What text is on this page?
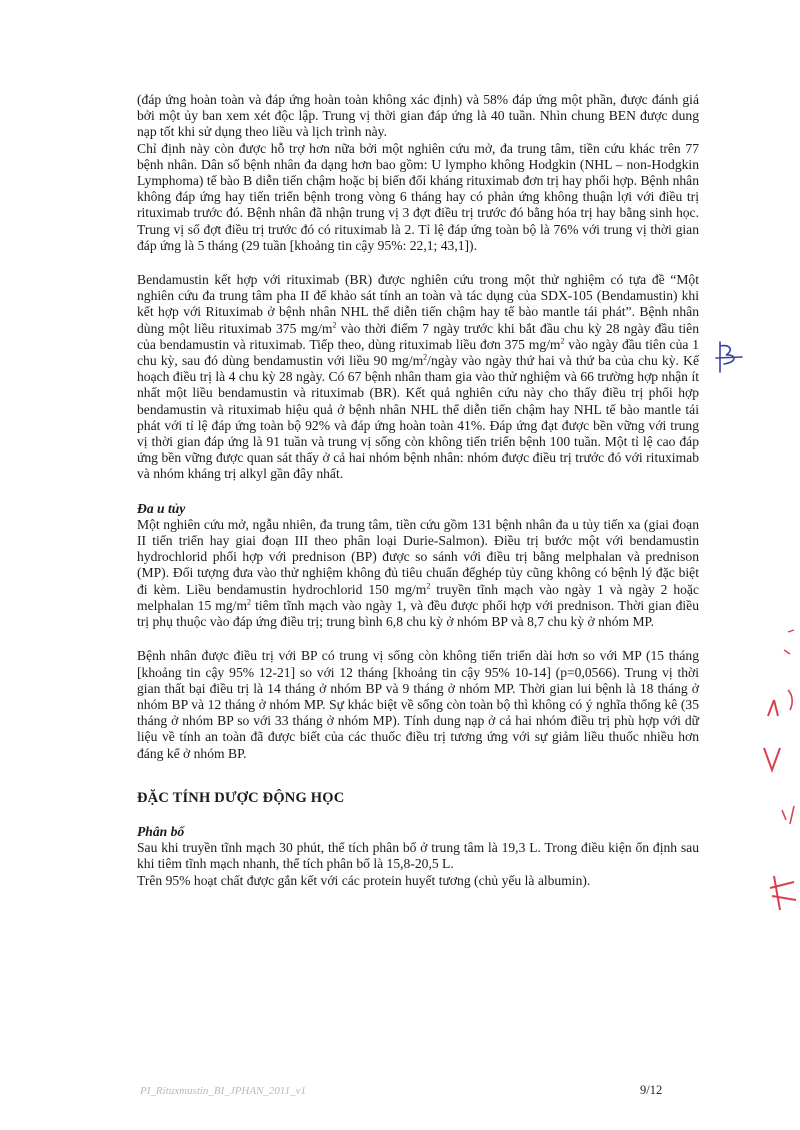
(đáp ứng hoàn toàn và đáp ứng hoàn toàn không xác định) và 58% đáp ứng một phần, được đánh giá bởi một ủy ban xem xét độc lập. Trung vị thời gian đáp ứng là 40 tuần. Nhìn chung BEN được dung nạp tốt khi sử dụng theo liều và lịch trình này.

Chỉ định này còn được hỗ trợ hơn nữa bởi một nghiên cứu mở, đa trung tâm, tiền cứu khác trên 77 bệnh nhân. Dân số bệnh nhân đa dạng hơn bao gồm: U lympho không Hodgkin (NHL – non-Hodgkin Lymphoma) tế bào B diễn tiến chậm hoặc bị biến đổi kháng rituximab đơn trị hay phối hợp. Bệnh nhân không đáp ứng hay tiến triển bệnh trong vòng 6 tháng hay có phản ứng không thuận lợi với điều trị rituximab trước đó. Bệnh nhân đã nhận trung vị 3 đợt điều trị trước đó bằng hóa trị hay bằng sinh học. Trung vị số đợt điều trị trước đó có rituximab là 2. Tỉ lệ đáp ứng toàn bộ là 76% với trung vị thời gian đáp ứng là 5 tháng (29 tuần [khoảng tin cậy 95%: 22,1; 43,1]).

Bendamustin kết hợp với rituximab (BR) được nghiên cứu trong một thử nghiệm có tựa đề “Một nghiên cứu đa trung tâm pha II để khảo sát tính an toàn và tác dụng của SDX-105 (Bendamustin) khi kết hợp với Rituximab ở bệnh nhân NHL thể diễn tiến chậm hay tế bào mantle tái phát”. Bệnh nhân dùng một liều rituximab 375 $mg/m^2$ vào thời điểm 7 ngày trước khi bắt đầu chu kỳ 28 ngày đầu tiên của bendamustin và rituximab. Tiếp theo, dùng rituximab liều đơn 375 $mg/m^2$ vào ngày đầu tiên của 1 chu kỳ, sau đó dùng bendamustin với liều 90 $mg/m^2$/ngày vào ngày thứ hai và thứ ba của chu kỳ. Kế hoạch điều trị là 4 chu kỳ 28 ngày. Có 67 bệnh nhân tham gia vào thử nghiệm và 66 trường hợp nhận ít nhất một liều bendamustin và rituximab (BR). Kết quả nghiên cứu này cho thấy điều trị phối hợp bendamustin và rituximab hiệu quả ở bệnh nhân NHL thể diễn tiến chậm hay NHL tế bào mantle tái phát với tỉ lệ đáp ứng toàn bộ 92% và đáp ứng hoàn toàn 41%. Đáp ứng đạt được bền vững với trung vị thời gian đáp ứng là 91 tuần và trung vị sống còn không tiến triển bệnh 100 tuần. Một tỉ lệ cao đáp ứng bền vững được quan sát thấy ở cả hai nhóm bệnh nhân: nhóm được điều trị trước đó với rituximab và nhóm kháng trị alkyl gần đây nhất.

Đa u tủy

Một nghiên cứu mở, ngẫu nhiên, đa trung tâm, tiền cứu gồm 131 bệnh nhân đa u tủy tiến xa (giai đoạn II tiến triển hay giai đoạn III theo phân loại Durie-Salmon). Điều trị bước một với bendamustin hydrochlorid phối hợp với prednison (BP) được so sánh với điều trị bằng melphalan và prednison (MP). Đối tượng đưa vào thử nghiệm không đủ tiêu chuẩn đểghép tủy cũng không có bệnh lý đặc biệt đi kèm. Liều bendamustin hydrochlorid 150 $mg/m^2$ truyền tĩnh mạch vào ngày 1 và ngày 2 hoặc melphalan 15 $mg/m^2$ tiêm tĩnh mạch vào ngày 1, và đều được phối hợp với prednison. Thời gian điều trị phụ thuộc vào đáp ứng điều trị; trung bình 6,8 chu kỳ ở nhóm BP và 8,7 chu kỳ ở nhóm MP.

Bệnh nhân được điều trị với BP có trung vị sống còn không tiến triển dài hơn so với MP (15 tháng [khoảng tin cậy 95% 12-21] so với 12 tháng [khoảng tin cậy 95% 10-14] (p=0,0566). Trung vị thời gian thất bại điều trị là 14 tháng ở nhóm BP và 9 tháng ở nhóm MP. Thời gian lui bệnh là 18 tháng ở nhóm BP và 12 tháng ở nhóm MP. Sự khác biệt về sống còn toàn bộ thì không có ý nghĩa thống kê (35 tháng ở nhóm BP so với 33 tháng ở nhóm MP). Tính dung nạp ở cả hai nhóm điều trị phù hợp với dữ liệu về tính an toàn đã được biết của các thuốc điều trị tương ứng với sự giảm liều thuốc nhiều hơn đáng kể ở nhóm BP.

ĐẶC TÍNH DƯỢC ĐỘNG HỌC

Phân bố

Sau khi truyền tĩnh mạch 30 phút, thể tích phân bố ở trung tâm là 19,3 L. Trong điều kiện ổn định sau khi tiêm tĩnh mạch nhanh, thể tích phân bố là 15,8-20,5 L.

Trên 95% hoạt chất được gắn kết với các protein huyết tương (chủ yếu là albumin).

PI_Rituxmustin_BI_JPHAN_2011_v1	9/12
